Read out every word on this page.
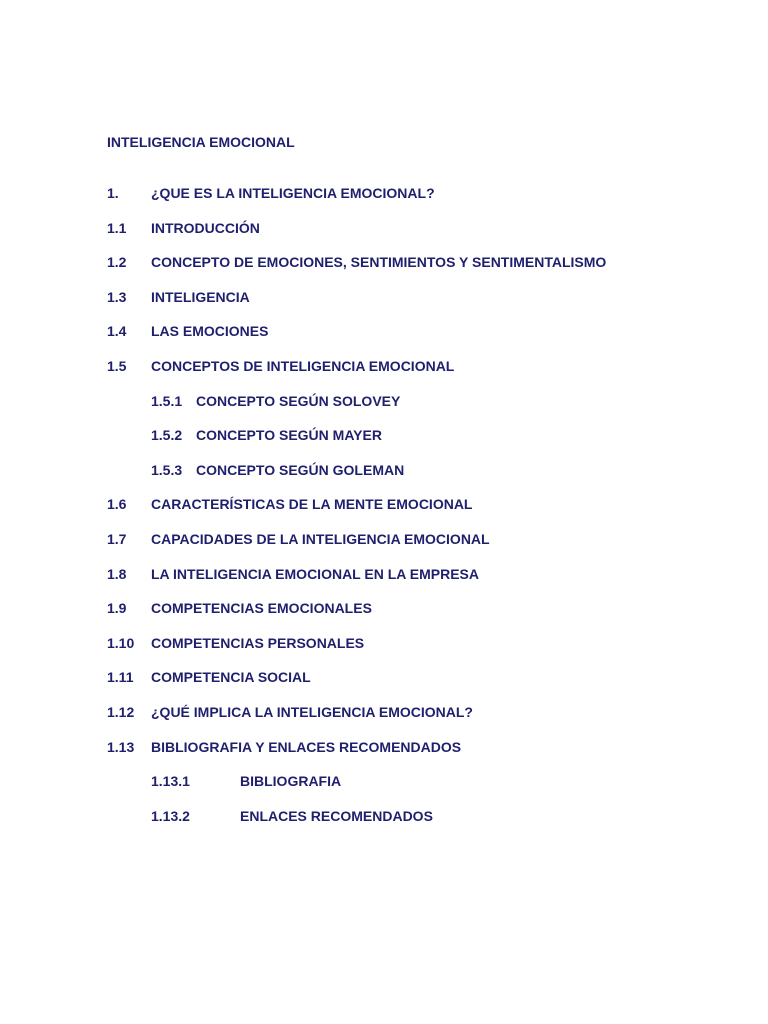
INTELIGENCIA EMOCIONAL
1. ¿QUE ES LA INTELIGENCIA EMOCIONAL?
1.1 INTRODUCCIÓN
1.2 CONCEPTO DE EMOCIONES, SENTIMIENTOS Y SENTIMENTALISMO
1.3 INTELIGENCIA
1.4 LAS EMOCIONES
1.5 CONCEPTOS DE INTELIGENCIA EMOCIONAL
1.5.1 CONCEPTO SEGÚN SOLOVEY
1.5.2 CONCEPTO SEGÚN MAYER
1.5.3 CONCEPTO SEGÚN GOLEMAN
1.6 CARACTERÍSTICAS DE LA MENTE EMOCIONAL
1.7 CAPACIDADES DE LA INTELIGENCIA EMOCIONAL
1.8 LA INTELIGENCIA EMOCIONAL EN LA EMPRESA
1.9 COMPETENCIAS EMOCIONALES
1.10 COMPETENCIAS PERSONALES
1.11 COMPETENCIA SOCIAL
1.12 ¿QUÉ IMPLICA LA INTELIGENCIA EMOCIONAL?
1.13 BIBLIOGRAFIA Y ENLACES RECOMENDADOS
1.13.1	BIBLIOGRAFIA
1.13.2	ENLACES RECOMENDADOS
